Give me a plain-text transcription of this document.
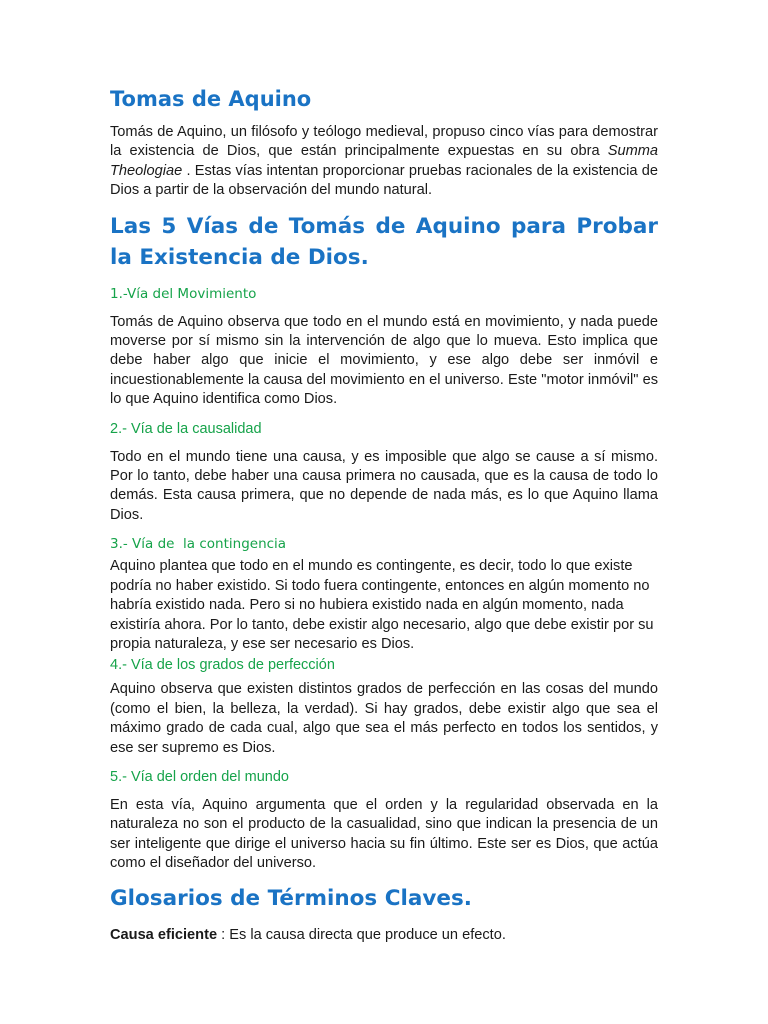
Tomas de Aquino

Tomás de Aquino, un filósofo y teólogo medieval, propuso cinco vías para demostrar la existencia de Dios, que están principalmente expuestas en su obra Summa Theologiae . Estas vías intentan proporcionar pruebas racionales de la existencia de Dios a partir de la observación del mundo natural.

Las 5 Vías de Tomás de Aquino para Probar la Existencia de Dios.
1.-Vía del Movimiento

Tomás de Aquino observa que todo en el mundo está en movimiento, y nada puede moverse por sí mismo sin la intervención de algo que lo mueva. Esto implica que debe haber algo que inicie el movimiento, y ese algo debe ser inmóvil e incuestionablemente la causa del movimiento en el universo. Este "motor inmóvil" es lo que Aquino identifica como Dios.

2.- Vía de la causalidad

Todo en el mundo tiene una causa, y es imposible que algo se cause a sí mismo. Por lo tanto, debe haber una causa primera no causada, que es la causa de todo lo demás. Esta causa primera, que no depende de nada más, es lo que Aquino llama Dios.

3.- Vía de  la contingencia

Aquino plantea que todo en el mundo es contingente, es decir, todo lo que existe podría no haber existido. Si todo fuera contingente, entonces en algún momento no habría existido nada. Pero si no hubiera existido nada en algún momento, nada existiría ahora. Por lo tanto, debe existir algo necesario, algo que debe existir por su propia naturaleza, y ese ser necesario es Dios.

4.- Vía de los grados de perfección

Aquino observa que existen distintos grados de perfección en las cosas del mundo (como el bien, la belleza, la verdad). Si hay grados, debe existir algo que sea el máximo grado de cada cual, algo que sea el más perfecto en todos los sentidos, y ese ser supremo es Dios.

5.- Vía del orden del mundo

En esta vía, Aquino argumenta que el orden y la regularidad observada en la naturaleza no son el producto de la casualidad, sino que indican la presencia de un ser inteligente que dirige el universo hacia su fin último. Este ser es Dios, que actúa como el diseñador del universo.

Glosarios de Términos Claves.

Causa eficiente : Es la causa directa que produce un efecto.
